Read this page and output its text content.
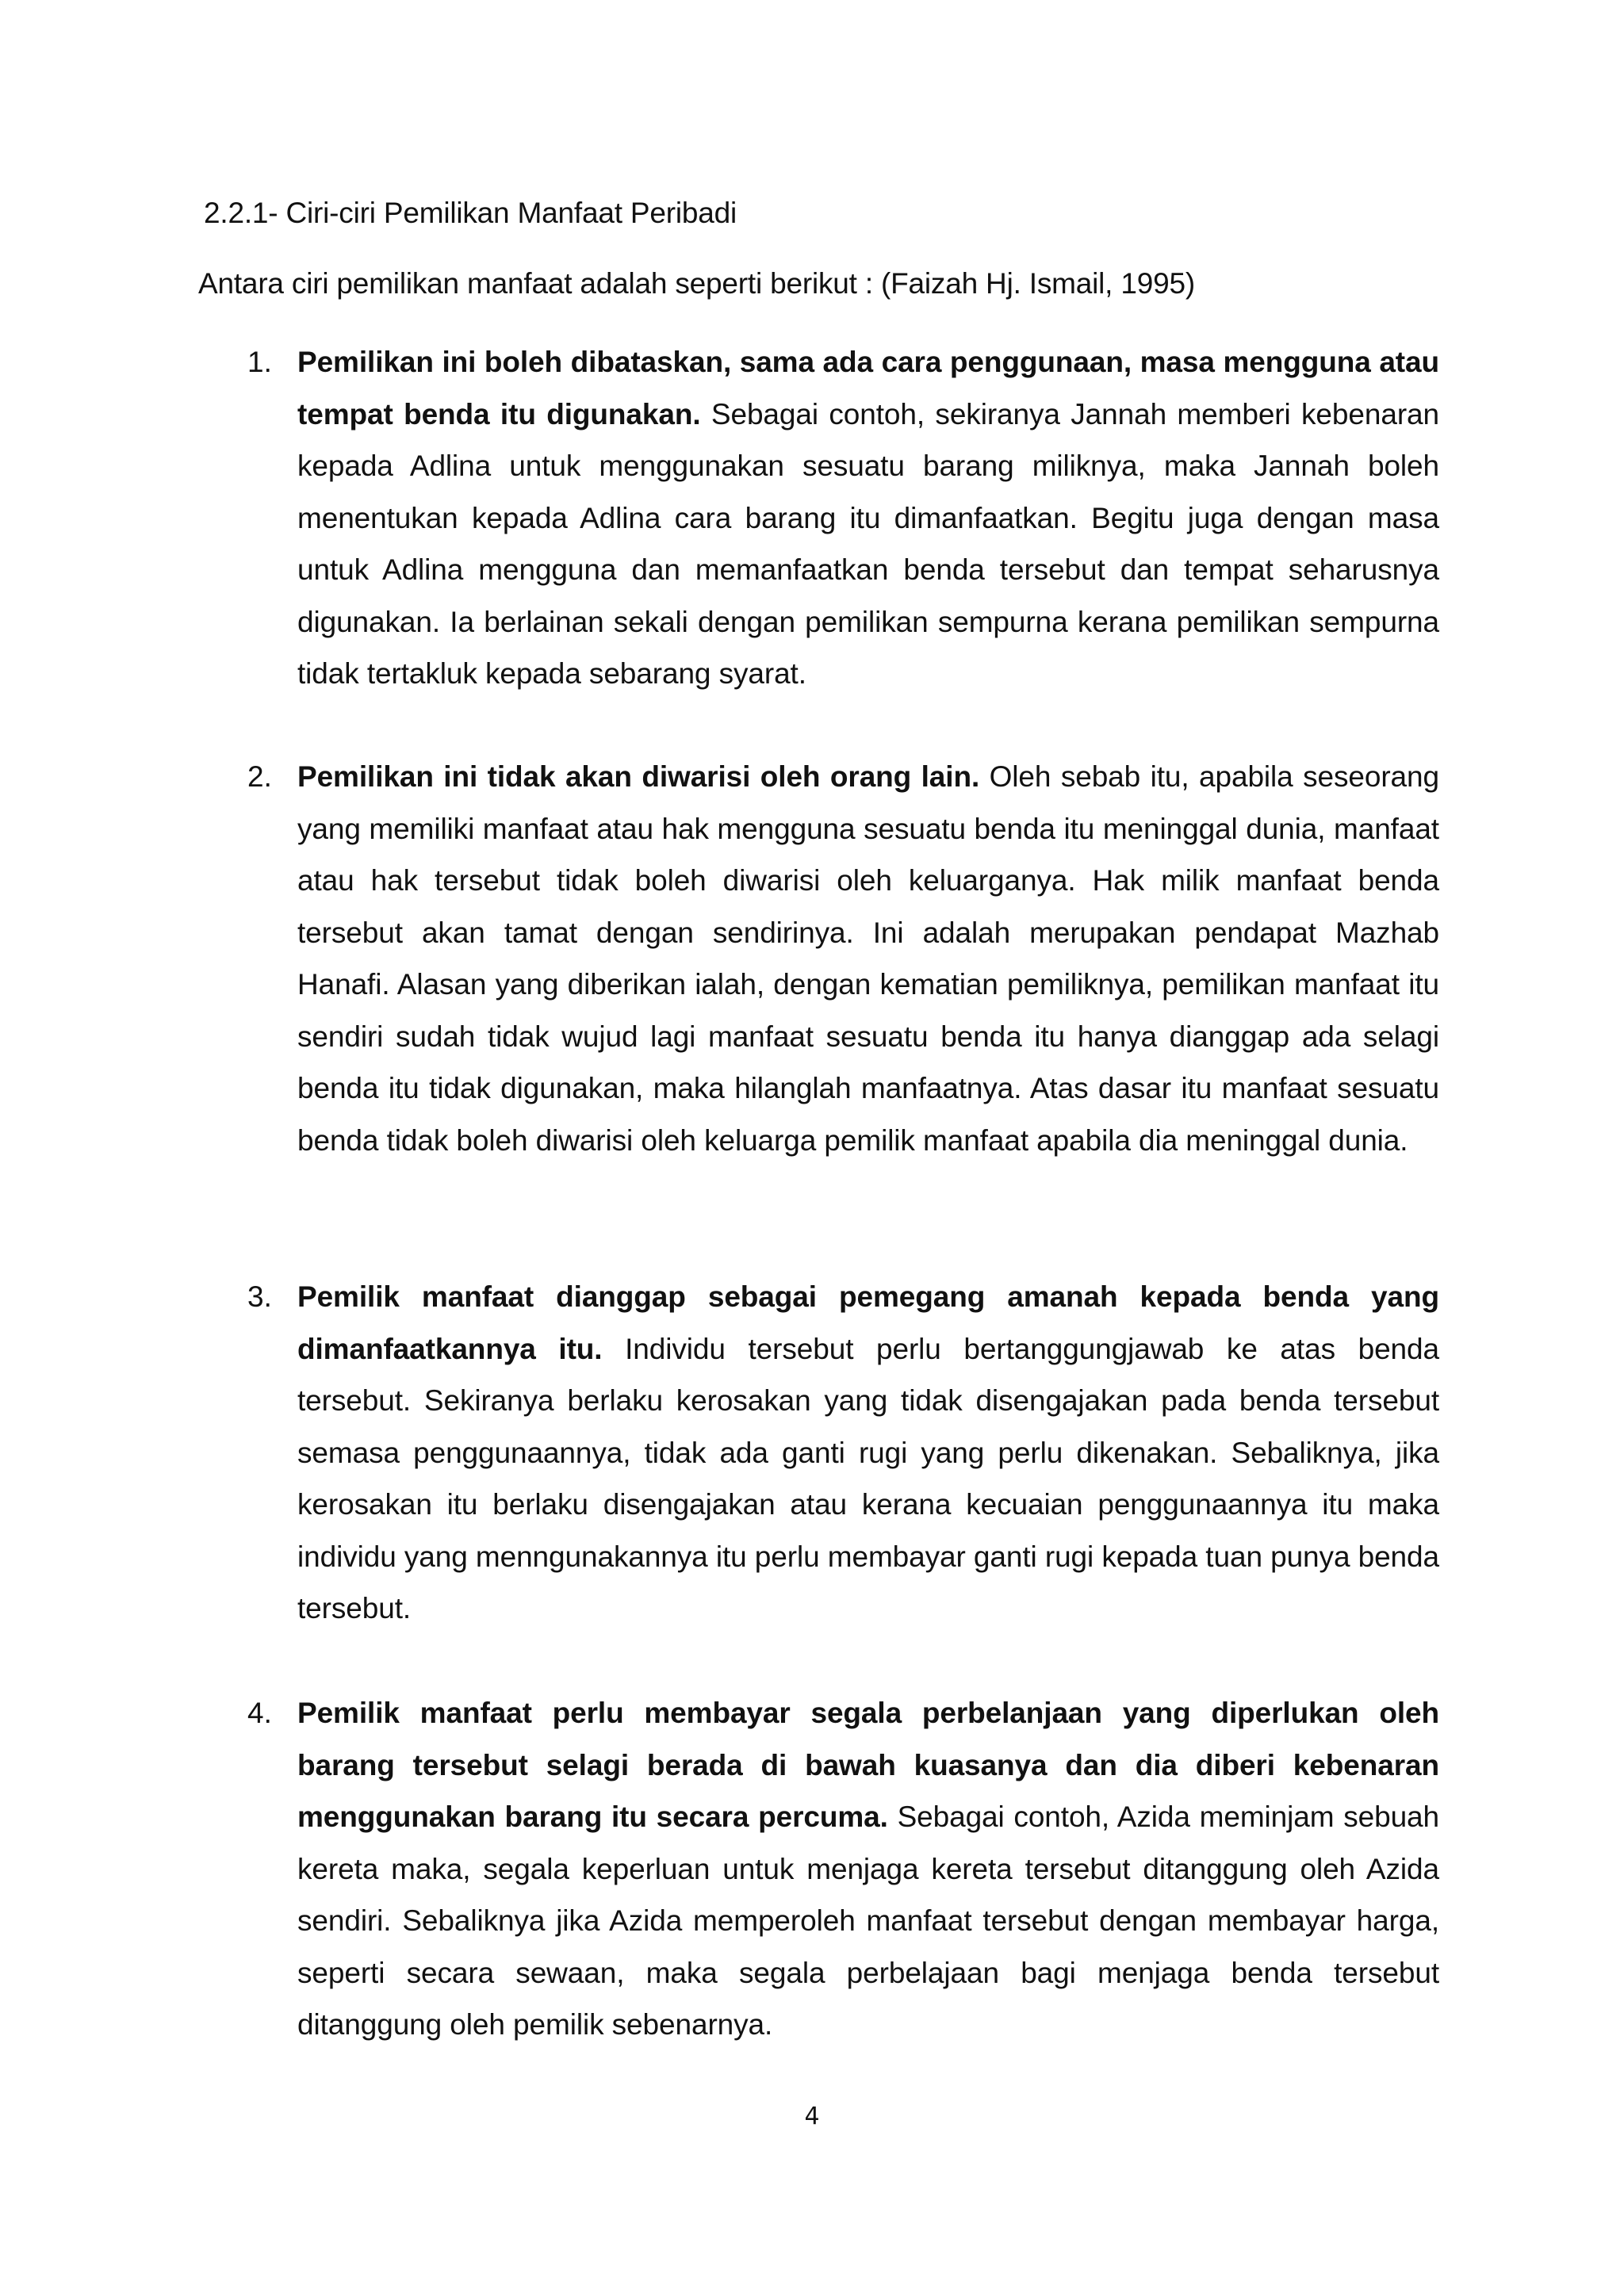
2.2.1- Ciri-ciri Pemilikan Manfaat Peribadi
Antara ciri pemilikan manfaat adalah seperti berikut : (Faizah Hj. Ismail, 1995)
1. Pemilikan ini boleh dibataskan, sama ada cara penggunaan, masa mengguna atau tempat benda itu digunakan. Sebagai contoh, sekiranya Jannah memberi kebenaran kepada Adlina untuk menggunakan sesuatu barang miliknya, maka Jannah boleh menentukan kepada Adlina cara barang itu dimanfaatkan. Begitu juga dengan masa untuk Adlina mengguna dan memanfaatkan benda tersebut dan tempat seharusnya digunakan. Ia berlainan sekali dengan pemilikan sempurna kerana pemilikan sempurna tidak tertakluk kepada sebarang syarat.
2. Pemilikan ini tidak akan diwarisi oleh orang lain. Oleh sebab itu, apabila seseorang yang memiliki manfaat atau hak mengguna sesuatu benda itu meninggal dunia, manfaat atau hak tersebut tidak boleh diwarisi oleh keluarganya. Hak milik manfaat benda tersebut akan tamat dengan sendirinya. Ini adalah merupakan pendapat Mazhab Hanafi. Alasan yang diberikan ialah, dengan kematian pemiliknya, pemilikan manfaat itu sendiri sudah tidak wujud lagi manfaat sesuatu benda itu hanya dianggap ada selagi benda itu tidak digunakan, maka hilanglah manfaatnya. Atas dasar itu manfaat sesuatu benda tidak boleh diwarisi oleh keluarga pemilik manfaat apabila dia meninggal dunia.
3. Pemilik manfaat dianggap sebagai pemegang amanah kepada benda yang dimanfaatkannya itu. Individu tersebut perlu bertanggungjawab ke atas benda tersebut. Sekiranya berlaku kerosakan yang tidak disengajakan pada benda tersebut semasa penggunaannya, tidak ada ganti rugi yang perlu dikenakan. Sebaliknya, jika kerosakan itu berlaku disengajakan atau kerana kecuaian penggunaannya itu maka individu yang menngunakannya itu perlu membayar ganti rugi kepada tuan punya benda tersebut.
4. Pemilik manfaat perlu membayar segala perbelanjaan yang diperlukan oleh barang tersebut selagi berada di bawah kuasanya dan dia diberi kebenaran menggunakan barang itu secara percuma. Sebagai contoh, Azida meminjam sebuah kereta maka, segala keperluan untuk menjaga kereta tersebut ditanggung oleh Azida sendiri. Sebaliknya jika Azida memperoleh manfaat tersebut dengan membayar harga, seperti secara sewaan, maka segala perbelajaan bagi menjaga benda tersebut ditanggung oleh pemilik sebenarnya.
4
